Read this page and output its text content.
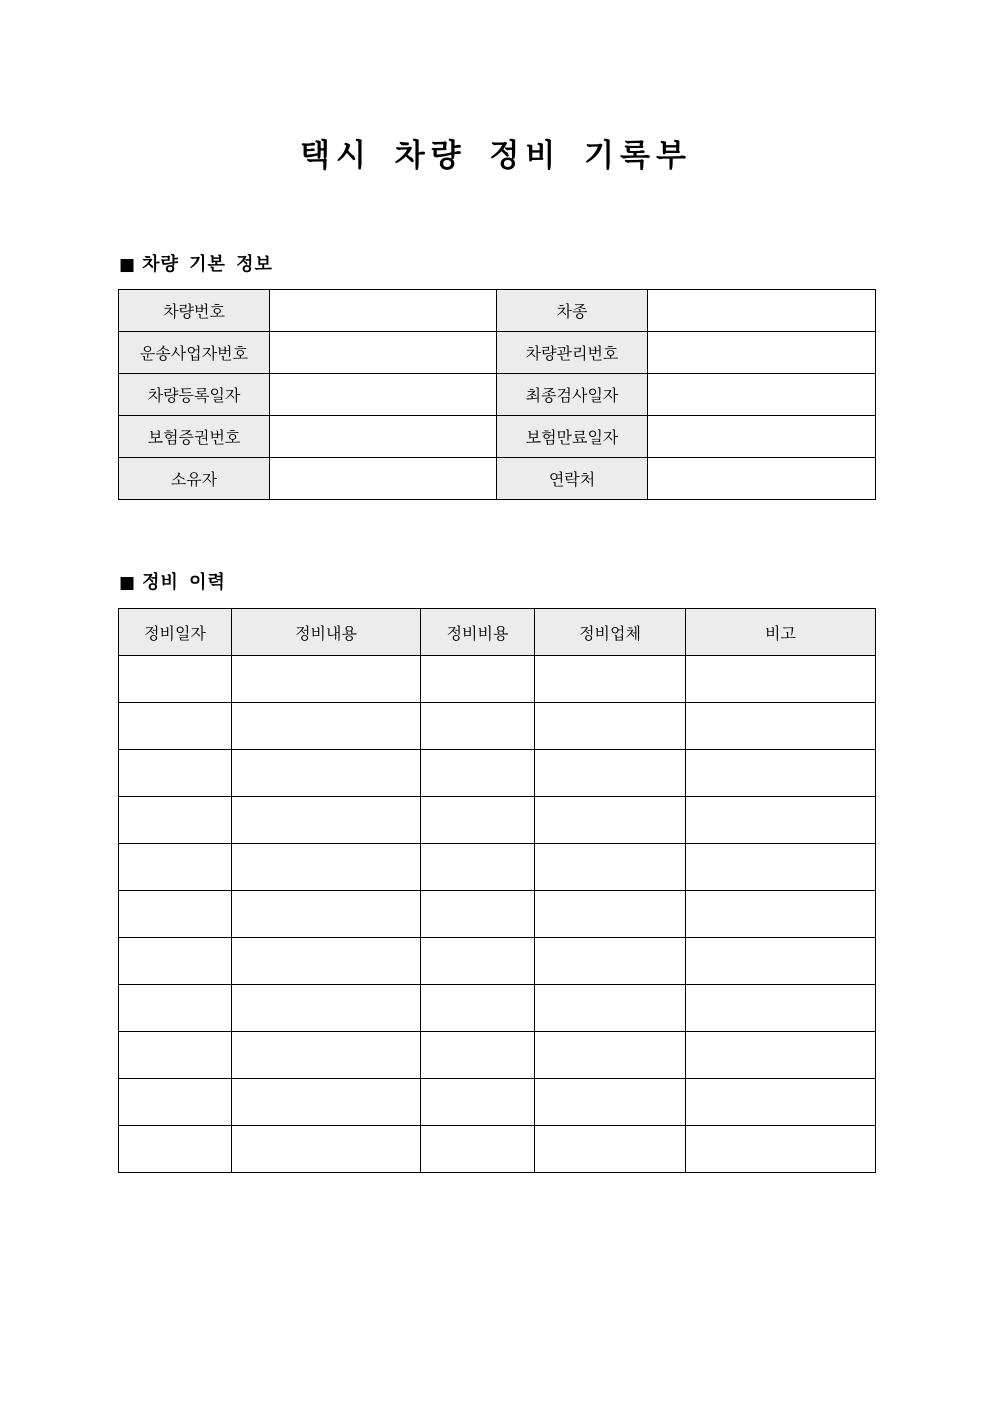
택시 차량 정비 기록부
■ 차량 기본 정보
차량번호		차종	
운송사업자번호		차량관리번호	
차량등록일자		최종검사일자	
보험증권번호		보험만료일자	
소유자		연락처	
■ 정비 이력
정비일자	정비내용	정비비용	정비업체	비고
